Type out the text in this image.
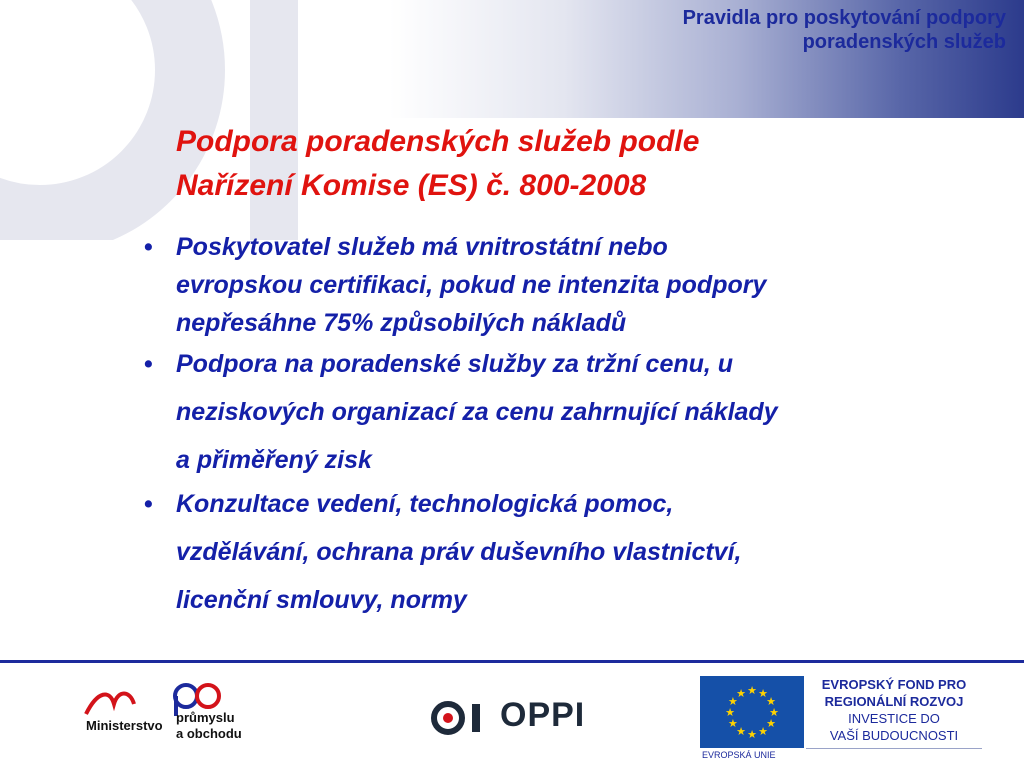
Pravidla pro poskytování podpory
poradenských služeb
Podpora poradenských služeb podle
Nařízení Komise (ES) č. 800-2008
• Poskytovatel služeb má vnitrostátní nebo
evropskou certifikaci, pokud ne intenzita podpory
nepřesáhne 75% způsobilých nákladů
• Podpora na poradenské služby za tržní cenu, u
neziskových organizací za cenu zahrnující náklady
a přiměřený zisk
• Konzultace vedení, technologická pomoc,
vzdělávání, ochrana práv duševního vlastnictví,
licenční smlouvy, normy
Ministerstvo
průmyslu
a obchodu	OPPI
★ ★
★
★
★
★
★
★
★
★
★
★
EVROPSKÁ UNIE
EVROPSKÝ FOND PRO
REGIONÁLNÍ ROZVOJ
INVESTICE DO
VAŠÍ BUDOUCNOSTI
